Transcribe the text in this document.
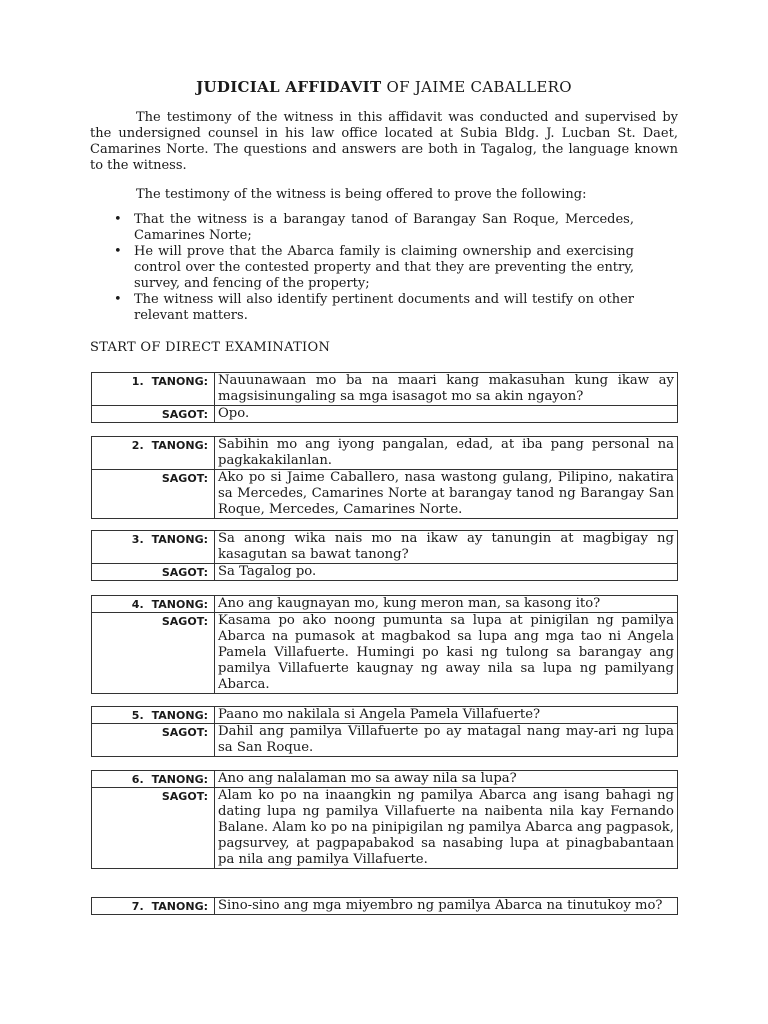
JUDICIAL AFFIDAVIT OF JAIME CABALLERO
The testimony of the witness in this affidavit was conducted and supervised by the undersigned counsel in his law office located at Subia Bldg. J. Lucban St. Daet, Camarines Norte. The questions and answers are both in Tagalog, the language known to the witness.
The testimony of the witness is being offered to prove the following:
• That the witness is a barangay tanod of Barangay San Roque, Mercedes, Camarines Norte;
• He will prove that the Abarca family is claiming ownership and exercising control over the contested property and that they are preventing the entry, survey, and fencing of the property;
• The witness will also identify pertinent documents and will testify on other relevant matters.
START OF DIRECT EXAMINATION
1. TANONG:	Nauunawaan mo ba na maari kang makasuhan kung ikaw ay magsisinungaling sa mga isasagot mo sa akin ngayon?
SAGOT:	Opo.
2. TANONG:	Sabihin mo ang iyong pangalan, edad, at iba pang personal na pagkakakilanlan.
SAGOT:	Ako po si Jaime Caballero, nasa wastong gulang, Pilipino, nakatira sa Mercedes, Camarines Norte at barangay tanod ng Barangay San Roque, Mercedes, Camarines Norte.
3. TANONG:	Sa anong wika nais mo na ikaw ay tanungin at magbigay ng kasagutan sa bawat tanong?
SAGOT:	Sa Tagalog po.
4. TANONG:	Ano ang kaugnayan mo, kung meron man, sa kasong ito?
SAGOT:	Kasama po ako noong pumunta sa lupa at pinigilan ng pamilya Abarca na pumasok at magbakod sa lupa ang mga tao ni Angela Pamela Villafuerte. Humingi po kasi ng tulong sa barangay ang pamilya Villafuerte kaugnay ng away nila sa lupa ng pamilyang Abarca.
5. TANONG:	Paano mo nakilala si Angela Pamela Villafuerte?
SAGOT:	Dahil ang pamilya Villafuerte po ay matagal nang may-ari ng lupa sa San Roque.
6. TANONG:	Ano ang nalalaman mo sa away nila sa lupa?
SAGOT:	Alam ko po na inaangkin ng pamilya Abarca ang isang bahagi ng dating lupa ng pamilya Villafuerte na naibenta nila kay Fernando Balane. Alam ko po na pinipigilan ng pamilya Abarca ang pagpasok, pagsurvey, at pagpapabakod sa nasabing lupa at pinagbabantaan pa nila ang pamilya Villafuerte.
7. TANONG:	Sino-sino ang mga miyembro ng pamilya Abarca na tinutukoy mo?
